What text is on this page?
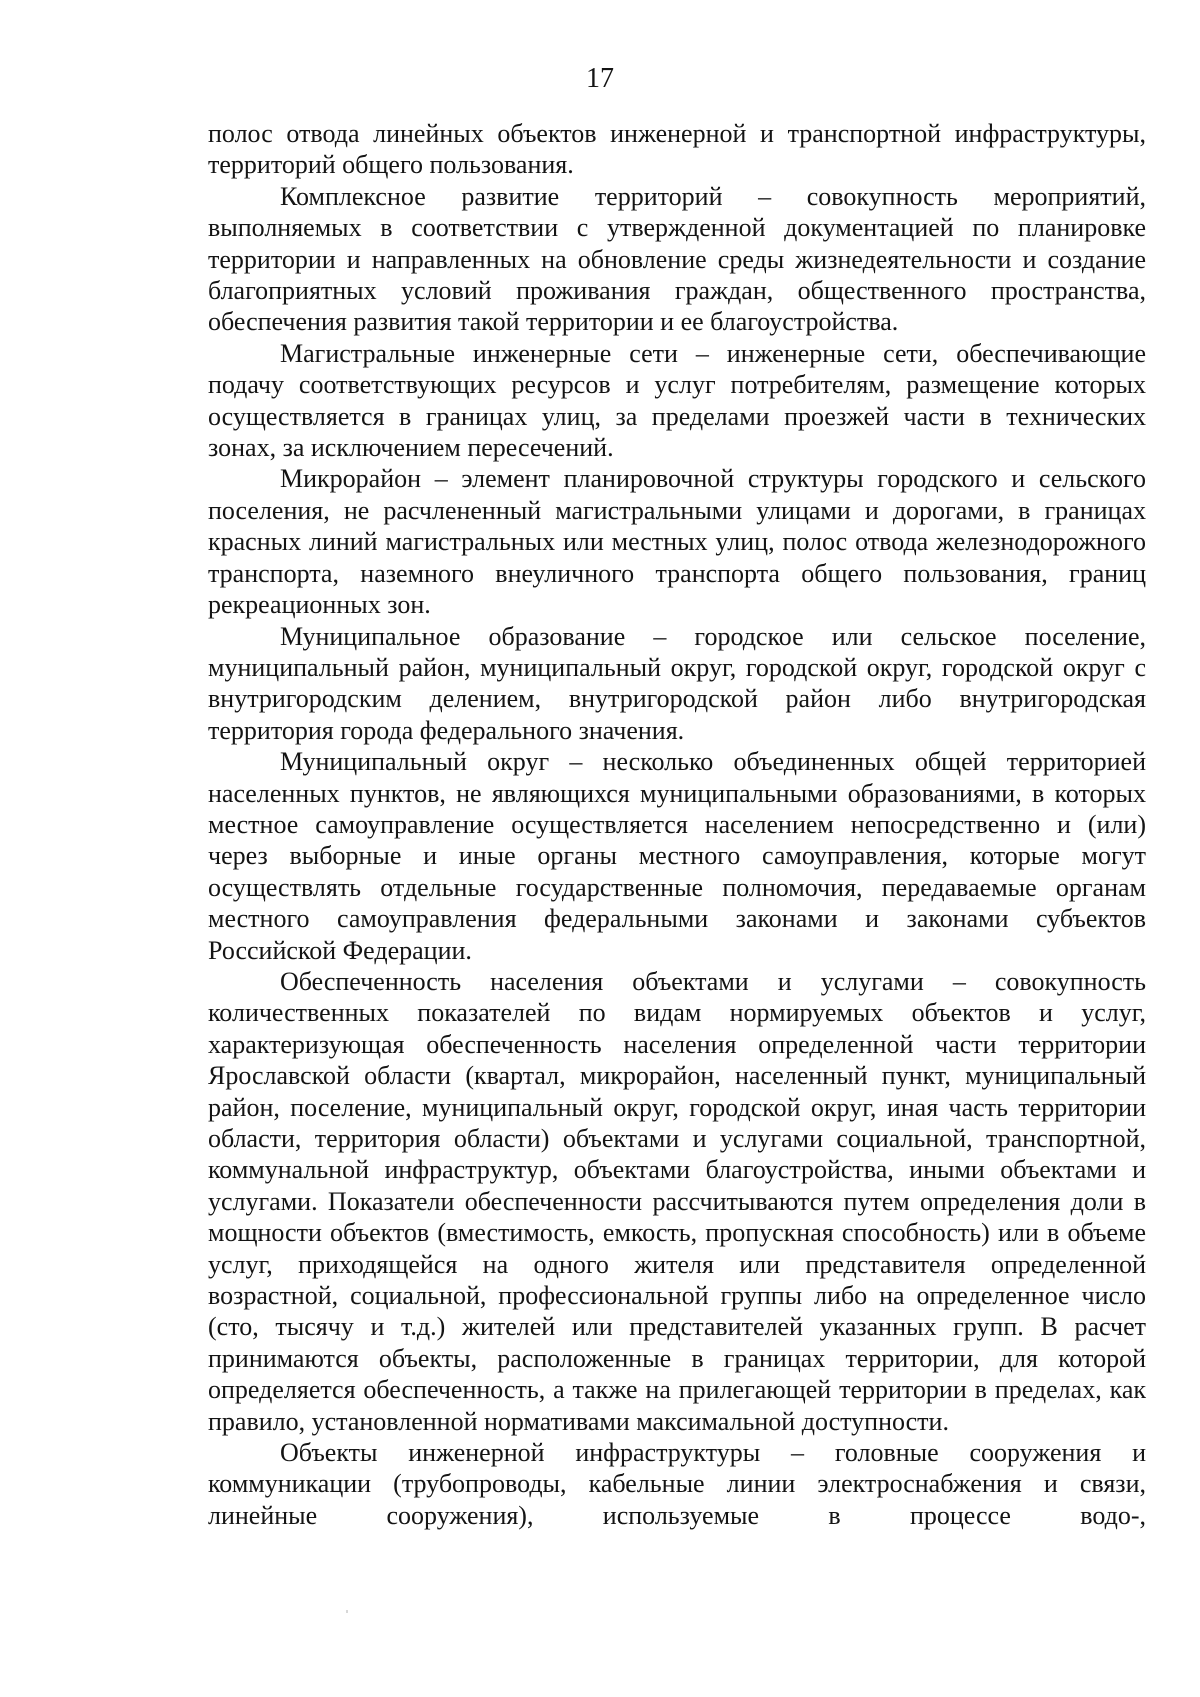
17

полос отвода линейных объектов инженерной и транспортной инфраструктуры, территорий общего пользования.

Комплексное развитие территорий – совокупность мероприятий, выполняемых в соответствии с утвержденной документацией по планировке территории и направленных на обновление среды жизнедеятельности и создание благоприятных условий проживания граждан, общественного пространства, обеспечения развития такой территории и ее благоустройства.

Магистральные инженерные сети – инженерные сети, обеспечивающие подачу соответствующих ресурсов и услуг потребителям, размещение которых осуществляется в границах улиц, за пределами проезжей части в технических зонах, за исключением пересечений.

Микрорайон – элемент планировочной структуры городского и сельского поселения, не расчлененный магистральными улицами и дорогами, в границах красных линий магистральных или местных улиц, полос отвода железнодорожного транспорта, наземного внеуличного транспорта общего пользования, границ рекреационных зон.

Муниципальное образование – городское или сельское поселение, муниципальный район, муниципальный округ, городской округ, городской округ с внутригородским делением, внутригородской район либо внутригородская территория города федерального значения.

Муниципальный округ – несколько объединенных общей территорией населенных пунктов, не являющихся муниципальными образованиями, в которых местное самоуправление осуществляется населением непосредственно и (или) через выборные и иные органы местного самоуправления, которые могут осуществлять отдельные государственные полномочия, передаваемые органам местного самоуправления федеральными законами и законами субъектов Российской Федерации.

Обеспеченность населения объектами и услугами – совокупность количественных показателей по видам нормируемых объектов и услуг, характеризующая обеспеченность населения определенной части территории Ярославской области (квартал, микрорайон, населенный пункт, муниципальный район, поселение, муниципальный округ, городской округ, иная часть территории области, территория области) объектами и услугами социальной, транспортной, коммунальной инфраструктур, объектами благоустройства, иными объектами и услугами. Показатели обеспеченности рассчитываются путем определения доли в мощности объектов (вместимость, емкость, пропускная способность) или в объеме услуг, приходящейся на одного жителя или представителя определенной возрастной, социальной, профессиональной группы либо на определенное число (сто, тысячу и т.д.) жителей или представителей указанных групп. В расчет принимаются объекты, расположенные в границах территории, для которой определяется обеспеченность, а также на прилегающей территории в пределах, как правило, установленной нормативами максимальной доступности.

Объекты инженерной инфраструктуры – головные сооружения и коммуникации (трубопроводы, кабельные линии электроснабжения и связи, линейные сооружения), используемые в процессе водо-,
